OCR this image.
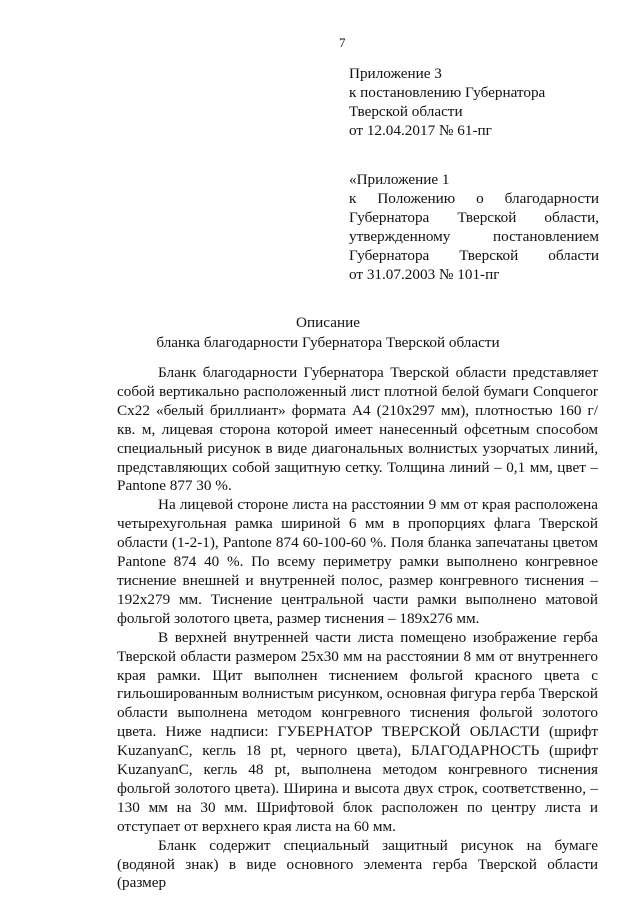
7
Приложение 3
к постановлению Губернатора
Тверской области
от 12.04.2017 № 61-пг
«Приложение 1
к Положению о благодарности
Губернатора Тверской области,
утвержденному постановлением
Губернатора Тверской области
от 31.07.2003 № 101-пг
Описание
бланка благодарности Губернатора Тверской области

Бланк благодарности Губернатора Тверской области представляет собой вертикально расположенный лист плотной белой бумаги Conqueror Cx22 «белый бриллиант» формата А4 (210x297 мм), плотностью 160 г/ кв. м, лицевая сторона которой имеет нанесенный офсетным способом специальный рисунок в виде диагональных волнистых узорчатых линий, представляющих собой защитную сетку. Толщина линий – 0,1 мм, цвет – Pantone 877 30 %.

На лицевой стороне листа на расстоянии 9 мм от края расположена четырехугольная рамка шириной 6 мм в пропорциях флага Тверской области (1-2-1), Pantone 874 60-100-60 %. Поля бланка запечатаны цветом Pantone 874 40 %. По всему периметру рамки выполнено конгревное тиснение внешней и внутренней полос, размер конгревного тиснения – 192x279 мм. Тиснение центральной части рамки выполнено матовой фольгой золотого цвета, размер тиснения – 189x276 мм.

В верхней внутренней части листа помещено изображение герба Тверской области размером 25x30 мм на расстоянии 8 мм от внутреннего края рамки. Щит выполнен тиснением фольгой красного цвета с гильошированным волнистым рисунком, основная фигура герба Тверской области выполнена методом конгревного тиснения фольгой золотого цвета. Ниже надписи: ГУБЕРНАТОР ТВЕРСКОЙ ОБЛАСТИ (шрифт KuzanyanC, кегль 18 pt, черного цвета), БЛАГОДАРНОСТЬ (шрифт KuzanyanC, кегль 48 pt, выполнена методом конгревного тиснения фольгой золотого цвета). Ширина и высота двух строк, соответственно, – 130 мм на 30 мм. Шрифтовой блок расположен по центру листа и отступает от верхнего края листа на 60 мм.

Бланк содержит специальный защитный рисунок на бумаге (водяной знак) в виде основного элемента герба Тверской области (размер
